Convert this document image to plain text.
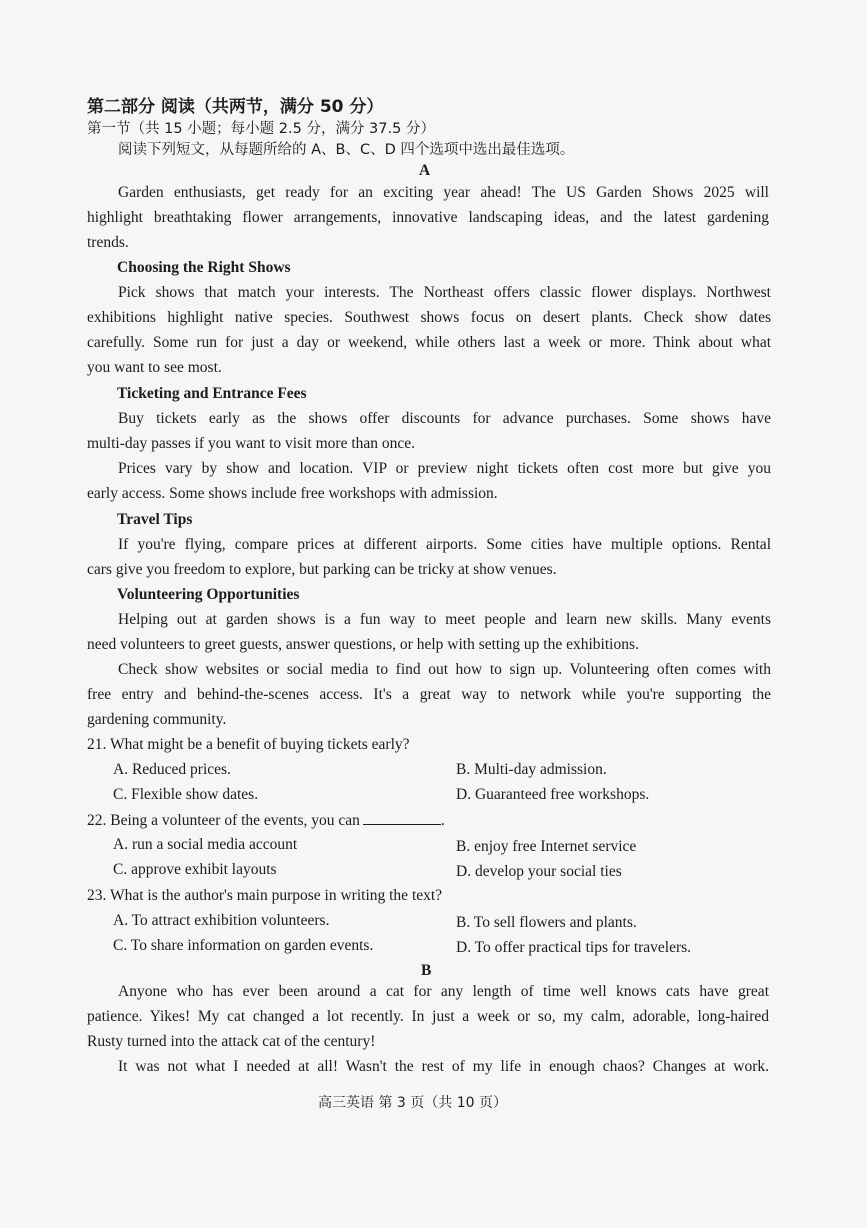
第二部分 阅读（共两节，满分 50 分）
第一节（共 15 小题；每小题 2.5 分，满分 37.5 分）
阅读下列短文，从每题所给的 A、B、C、D 四个选项中选出最佳选项。
A
Garden enthusiasts, get ready for an exciting year ahead! The US Garden Shows 2025 will
highlight breathtaking flower arrangements, innovative landscaping ideas, and the latest gardening
trends.
Choosing the Right Shows
Pick shows that match your interests. The Northeast offers classic flower displays. Northwest
exhibitions highlight native species. Southwest shows focus on desert plants. Check show dates
carefully. Some run for just a day or weekend, while others last a week or more. Think about what
you want to see most.
Ticketing and Entrance Fees
Buy tickets early as the shows offer discounts for advance purchases. Some shows have
multi-day passes if you want to visit more than once.
Prices vary by show and location. VIP or preview night tickets often cost more but give you
early access. Some shows include free workshops with admission.
Travel Tips
If you're flying, compare prices at different airports. Some cities have multiple options. Rental
cars give you freedom to explore, but parking can be tricky at show venues.
Volunteering Opportunities
Helping out at garden shows is a fun way to meet people and learn new skills. Many events
need volunteers to greet guests, answer questions, or help with setting up the exhibitions.
Check show websites or social media to find out how to sign up. Volunteering often comes with
free entry and behind-the-scenes access. It's a great way to network while you're supporting the
gardening community.
21. What might be a benefit of buying tickets early?
A. Reduced prices.	B. Multi-day admission.
C. Flexible show dates.	D. Guaranteed free workshops.
22. Being a volunteer of the events, you can	.
A. run a social media account	B. enjoy free Internet service
C. approve exhibit layouts	D. develop your social ties
23. What is the author's main purpose in writing the text?
A. To attract exhibition volunteers.	B. To sell flowers and plants.
C. To share information on garden events.	D. To offer practical tips for travelers.
B
Anyone who has ever been around a cat for any length of time well knows cats have great
patience. Yikes! My cat changed a lot recently. In just a week or so, my calm, adorable, long-haired
Rusty turned into the attack cat of the century!
It was not what I needed at all! Wasn't the rest of my life in enough chaos? Changes at work.
高三英语 第 3 页（共 10 页）
